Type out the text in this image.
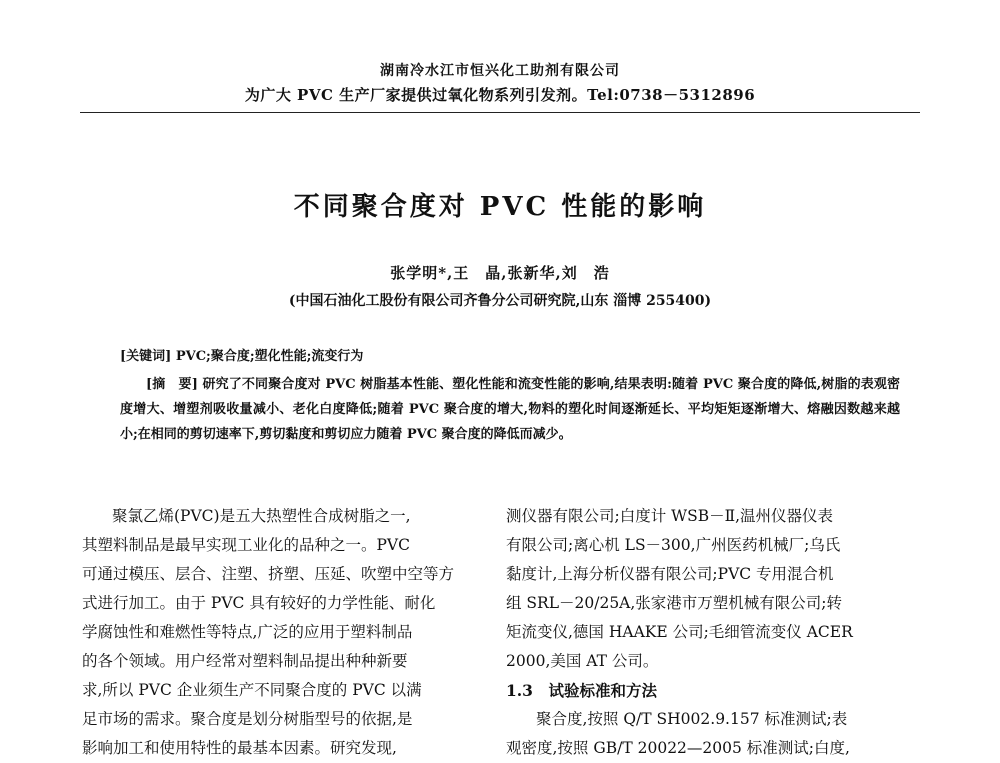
湖南冷水江市恒兴化工助剂有限公司
为广大 PVC 生产厂家提供过氧化物系列引发剂。Tel:0738－5312896
不同聚合度对 PVC 性能的影响
张学明*,王　晶,张新华,刘　浩
(中国石油化工股份有限公司齐鲁分公司研究院,山东 淄博 255400)
[关键词] PVC;聚合度;塑化性能;流变行为

[摘　要] 研究了不同聚合度对 PVC 树脂基本性能、塑化性能和流变性能的影响,结果表明:随着 PVC 聚合度的降低,树脂的表观密度增大、增塑剂吸收量减小、老化白度降低;随着 PVC 聚合度的增大,物料的塑化时间逐渐延长、平均矩矩逐渐增大、熔融因数越来越小;在相同的剪切速率下,剪切黏度和剪切应力随着 PVC 聚合度的降低而减少。

聚氯乙烯(PVC)是五大热塑性合成树脂之一,
其塑料制品是最早实现工业化的品种之一。PVC
可通过模压、层合、注塑、挤塑、压延、吹塑中空等方
式进行加工。由于 PVC 具有较好的力学性能、耐化
学腐蚀性和难燃性等特点,广泛的应用于塑料制品
的各个领域。用户经常对塑料制品提出种种新要
求,所以 PVC 企业须生产不同聚合度的 PVC 以满
足市场的需求。聚合度是划分树脂型号的依据,是
影响加工和使用特性的最基本因素。研究发现,
测仪器有限公司;白度计 WSB－Ⅱ,温州仪器仪表
有限公司;离心机 LS－300,广州医药机械厂;乌氏
黏度计,上海分析仪器有限公司;PVC 专用混合机
组 SRL－20/25A,张家港市万塑机械有限公司;转
矩流变仪,德国 HAAKE 公司;毛细管流变仪 ACER
2000,美国 AT 公司。
1.3　试验标准和方法
聚合度,按照 Q/T SH002.9.157 标准测试;表
观密度,按照 GB/T 20022—2005 标准测试;白度,
